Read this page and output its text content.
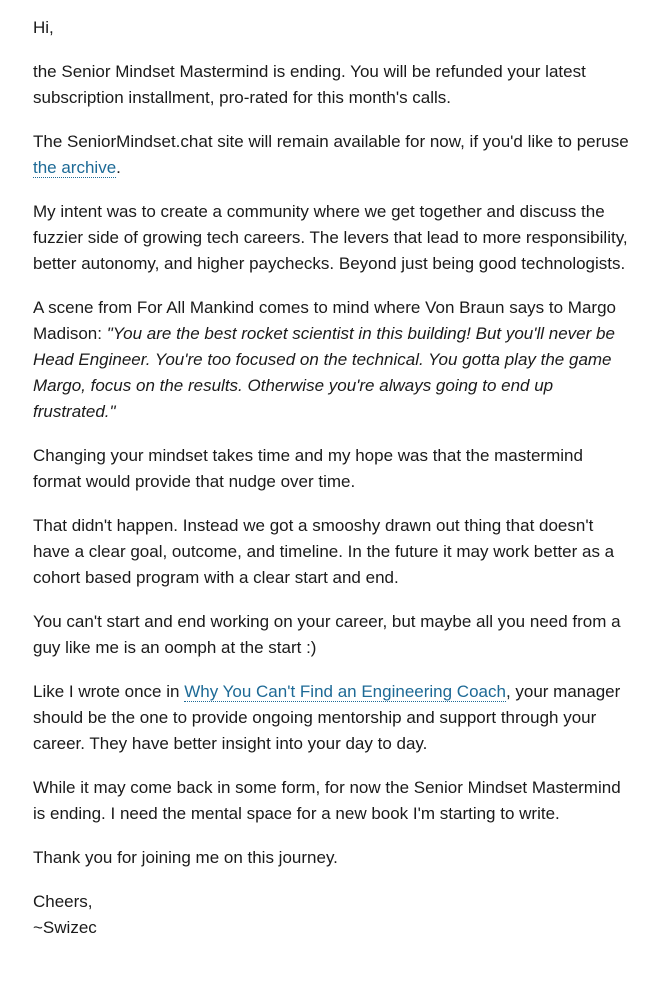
Hi,

the Senior Mindset Mastermind is ending. You will be refunded your latest subscription installment, pro-rated for this month's calls.

The SeniorMindset.chat site will remain available for now, if you'd like to peruse the archive.

My intent was to create a community where we get together and discuss the fuzzier side of growing tech careers. The levers that lead to more responsibility, better autonomy, and higher paychecks. Beyond just being good technologists.

A scene from For All Mankind comes to mind where Von Braun says to Margo Madison: "You are the best rocket scientist in this building! But you'll never be Head Engineer. You're too focused on the technical. You gotta play the game Margo, focus on the results. Otherwise you're always going to end up frustrated."

Changing your mindset takes time and my hope was that the mastermind format would provide that nudge over time.

That didn't happen. Instead we got a smooshy drawn out thing that doesn't have a clear goal, outcome, and timeline. In the future it may work better as a cohort based program with a clear start and end.

You can't start and end working on your career, but maybe all you need from a guy like me is an oomph at the start :)

Like I wrote once in Why You Can't Find an Engineering Coach, your manager should be the one to provide ongoing mentorship and support through your career. They have better insight into your day to day.

While it may come back in some form, for now the Senior Mindset Mastermind is ending. I need the mental space for a new book I'm starting to write.

Thank you for joining me on this journey.

Cheers,

~Swizec
